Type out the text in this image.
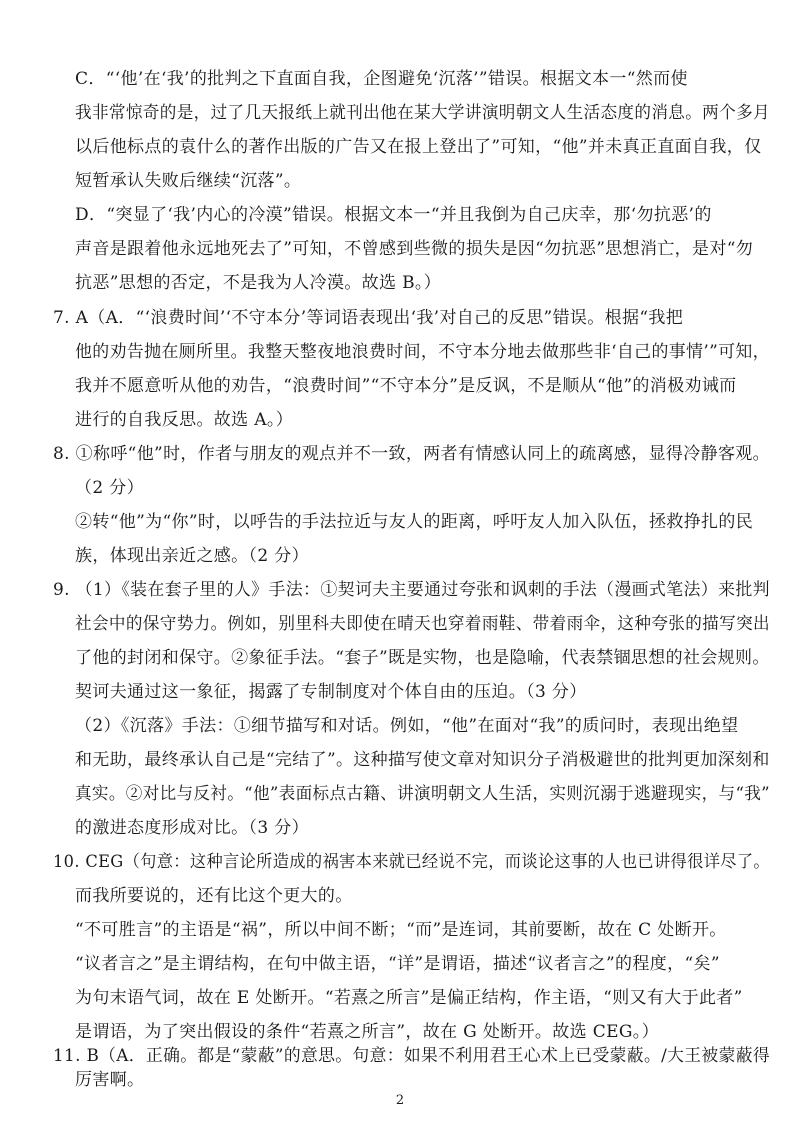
C．“‘他’在‘我’的批判之下直面自我，企图避免‘沉落’”错误。根据文本一“然而使
我非常惊奇的是，过了几天报纸上就刊出他在某大学讲演明朝文人生活态度的消息。两个多月
以后他标点的袁什么的著作出版的广告又在报上登出了”可知，“他”并未真正直面自我，仅
短暂承认失败后继续“沉落”。
D．“突显了‘我’内心的冷漠”错误。根据文本一“并且我倒为自己庆幸，那‘勿抗恶’的
声音是跟着他永远地死去了”可知，不曾感到些微的损失是因“勿抗恶”思想消亡，是对“勿
抗恶”思想的否定，不是我为人冷漠。故选 B。）
7. A（A．“‘浪费时间’‘不守本分’等词语表现出‘我’对自己的反思”错误。根据“我把
他的劝告抛在厕所里。我整天整夜地浪费时间，不守本分地去做那些非‘自己的事情’”可知，
我并不愿意听从他的劝告，“浪费时间”“不守本分”是反讽，不是顺从“他”的消极劝诫而
进行的自我反思。故选 A。）
8. ①称呼“他”时，作者与朋友的观点并不一致，两者有情感认同上的疏离感，显得冷静客观。
（2 分）
②转“他”为“你”时，以呼告的手法拉近与友人的距离，呼吁友人加入队伍，拯救挣扎的民
族，体现出亲近之感。（2 分）
9. （1）《装在套子里的人》手法：①契诃夫主要通过夸张和讽刺的手法（漫画式笔法）来批判
社会中的保守势力。例如，别里科夫即使在晴天也穿着雨鞋、带着雨伞，这种夸张的描写突出
了他的封闭和保守。②象征手法。“套子”既是实物，也是隐喻，代表禁锢思想的社会规则。
契诃夫通过这一象征，揭露了专制制度对个体自由的压迫。（3 分）
（2）《沉落》手法：①细节描写和对话。例如，“他”在面对“我”的质问时，表现出绝望
和无助，最终承认自己是“完结了”。这种描写使文章对知识分子消极避世的批判更加深刻和
真实。②对比与反衬。“他”表面标点古籍、讲演明朝文人生活，实则沉溺于逃避现实，与“我”
的激进态度形成对比。（3 分）
10. CEG（句意：这种言论所造成的祸害本来就已经说不完，而谈论这事的人也已讲得很详尽了。
而我所要说的，还有比这个更大的。
“不可胜言”的主语是“祸”，所以中间不断；“而”是连词，其前要断，故在 C 处断开。
“议者言之”是主谓结构，在句中做主语，“详”是谓语，描述“议者言之”的程度，“矣”
为句末语气词，故在 E 处断开。“若熹之所言”是偏正结构，作主语，“则又有大于此者”
是谓语，为了突出假设的条件“若熹之所言”，故在 G 处断开。故选 CEG。）
11. B（A．正确。都是“蒙蔽”的意思。句意：如果不利用君王心术上已受蒙蔽。/大王被蒙蔽得
厉害啊。
2
